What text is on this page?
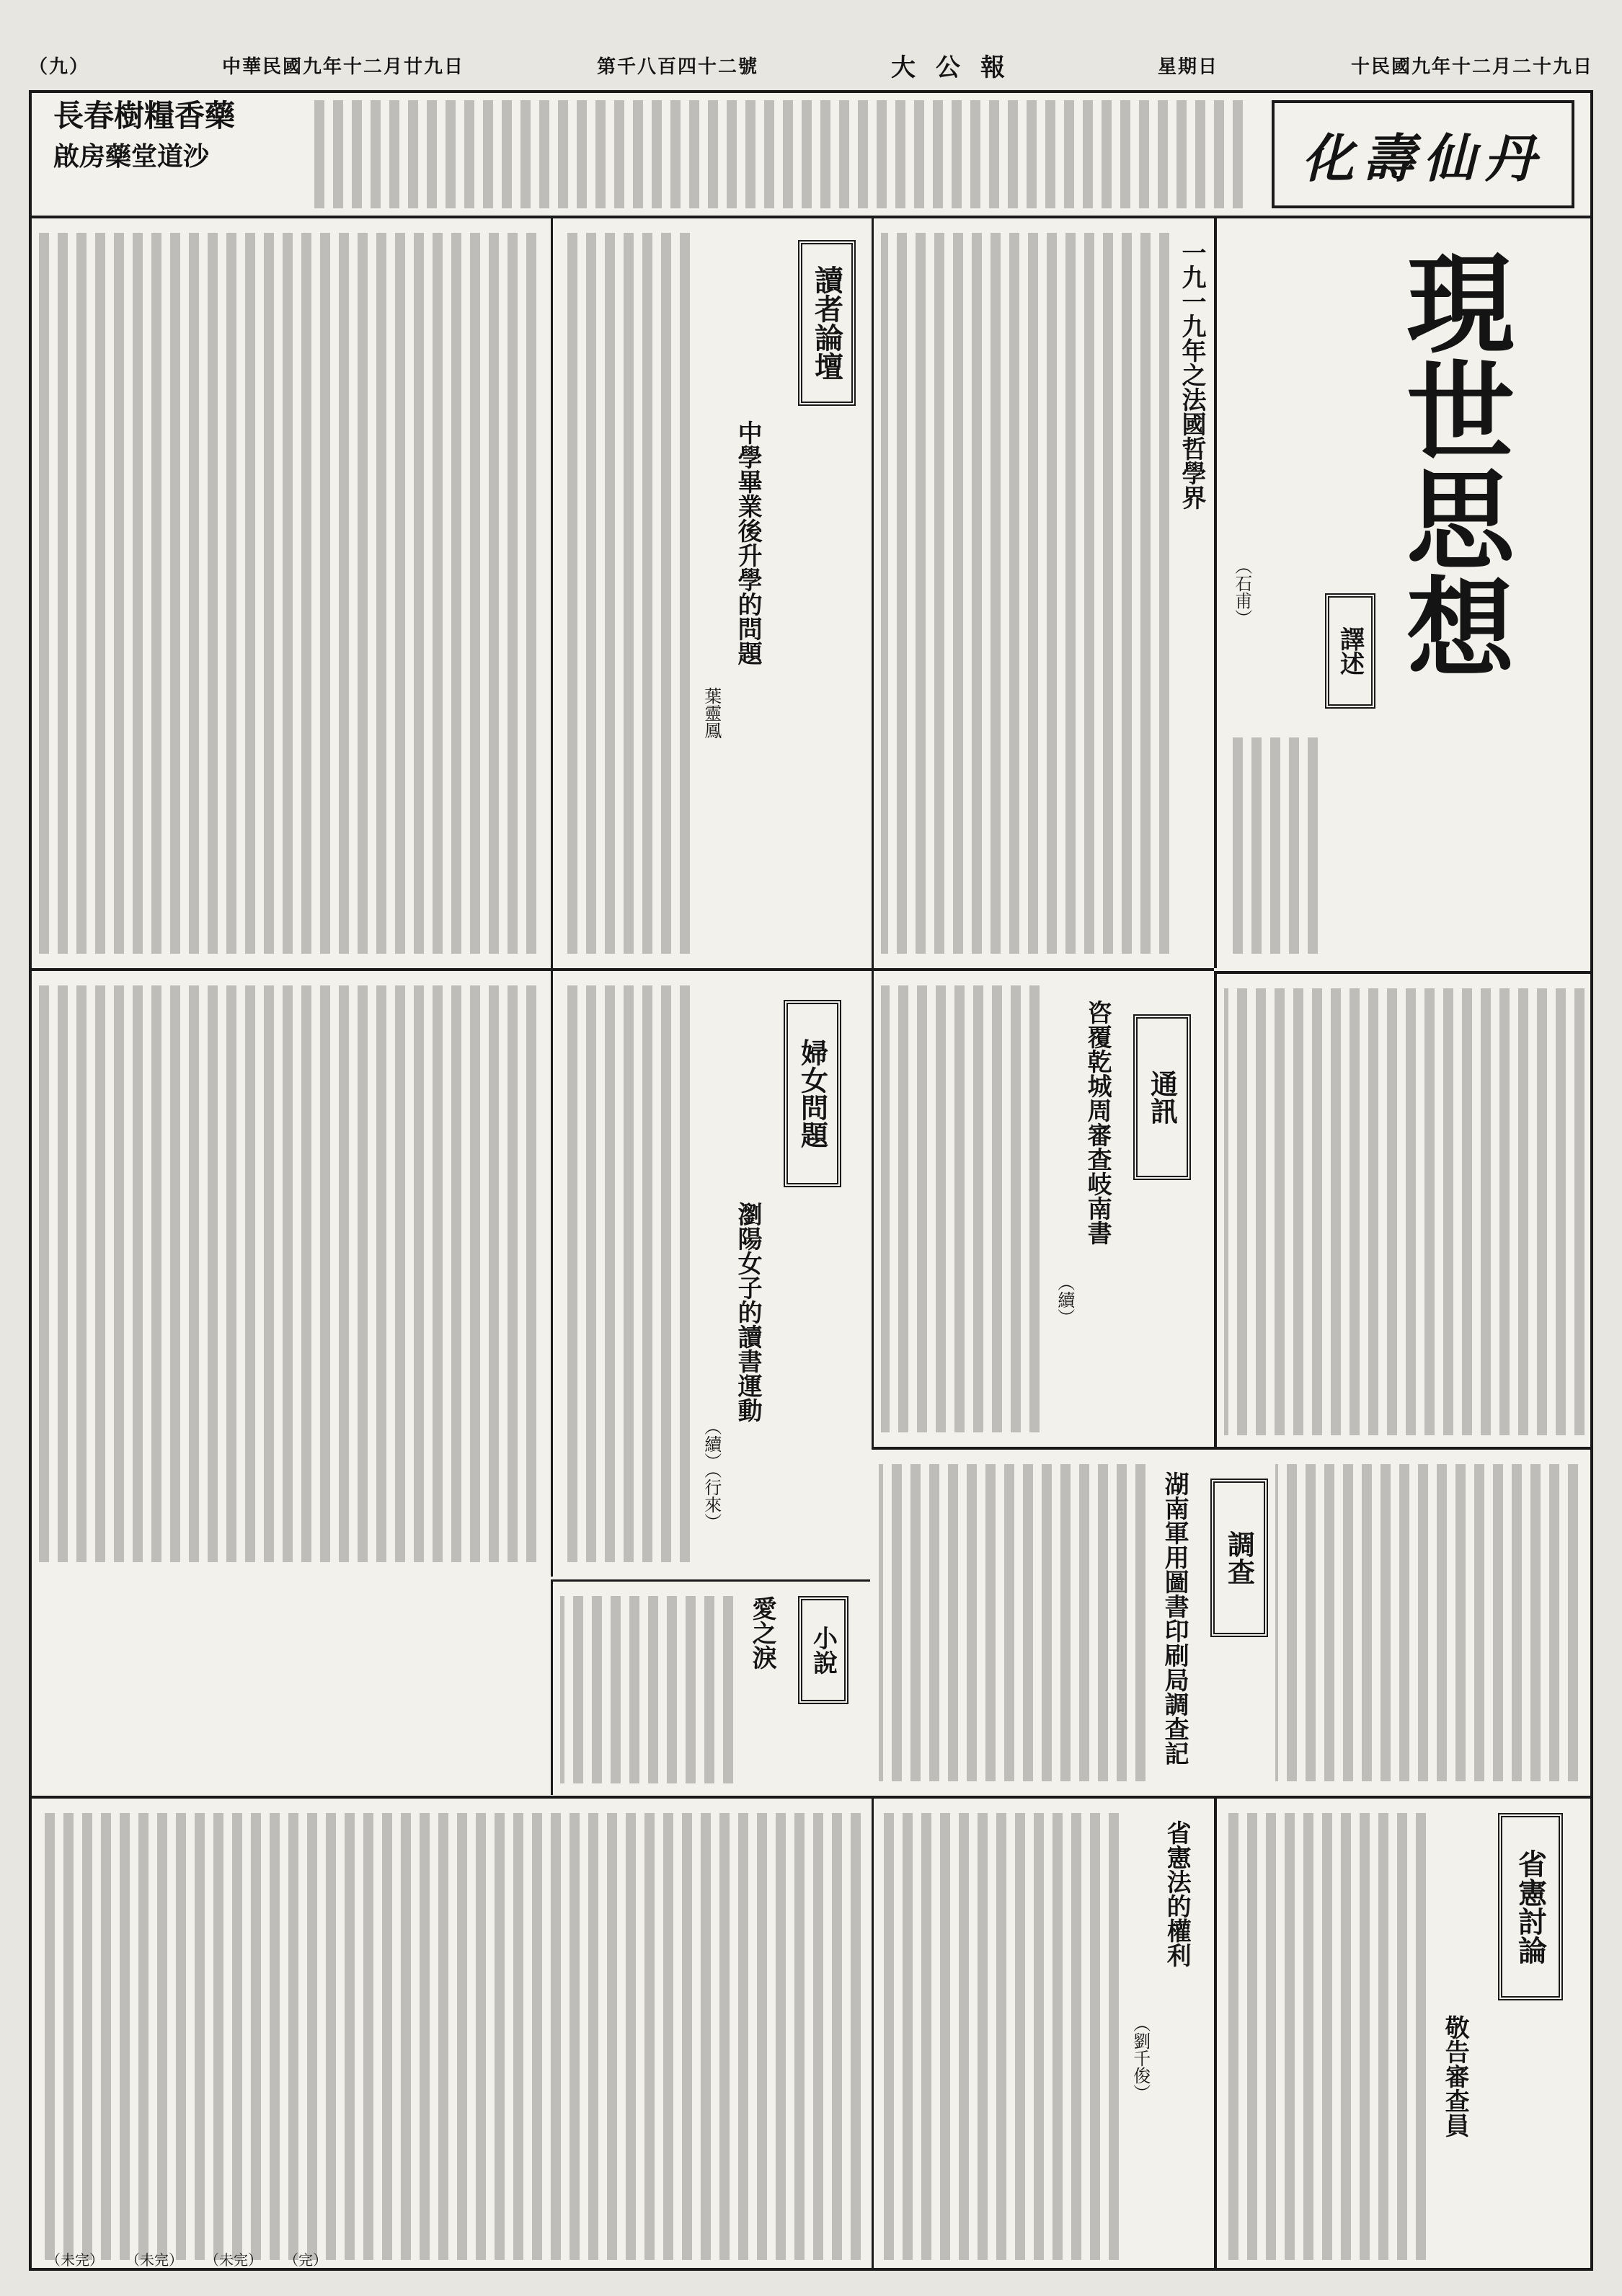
（九）	中華民國九年十二月廿九日	第千八百四十二號	大公報	星期日	十民國九年十二月二十九日
長春樹糧香藥
啟房藥堂道沙	化壽仙丹
現世思想
譯述
（石甫）
一九一九年之法國哲學界
讀者論壇
中學畢業後升學的問題
葉靈鳳
婦女問題
瀏陽女子的讀書運動
（續）（行來）
通訊
咨覆乾城周審查岐南書
（續）
調查
湖南軍用圖書印刷局調查記
省憲討論
敬告審查員
省憲法的權利
（劉千俊）
小說
愛之淚
（未完） （未完） （未完） （完）
